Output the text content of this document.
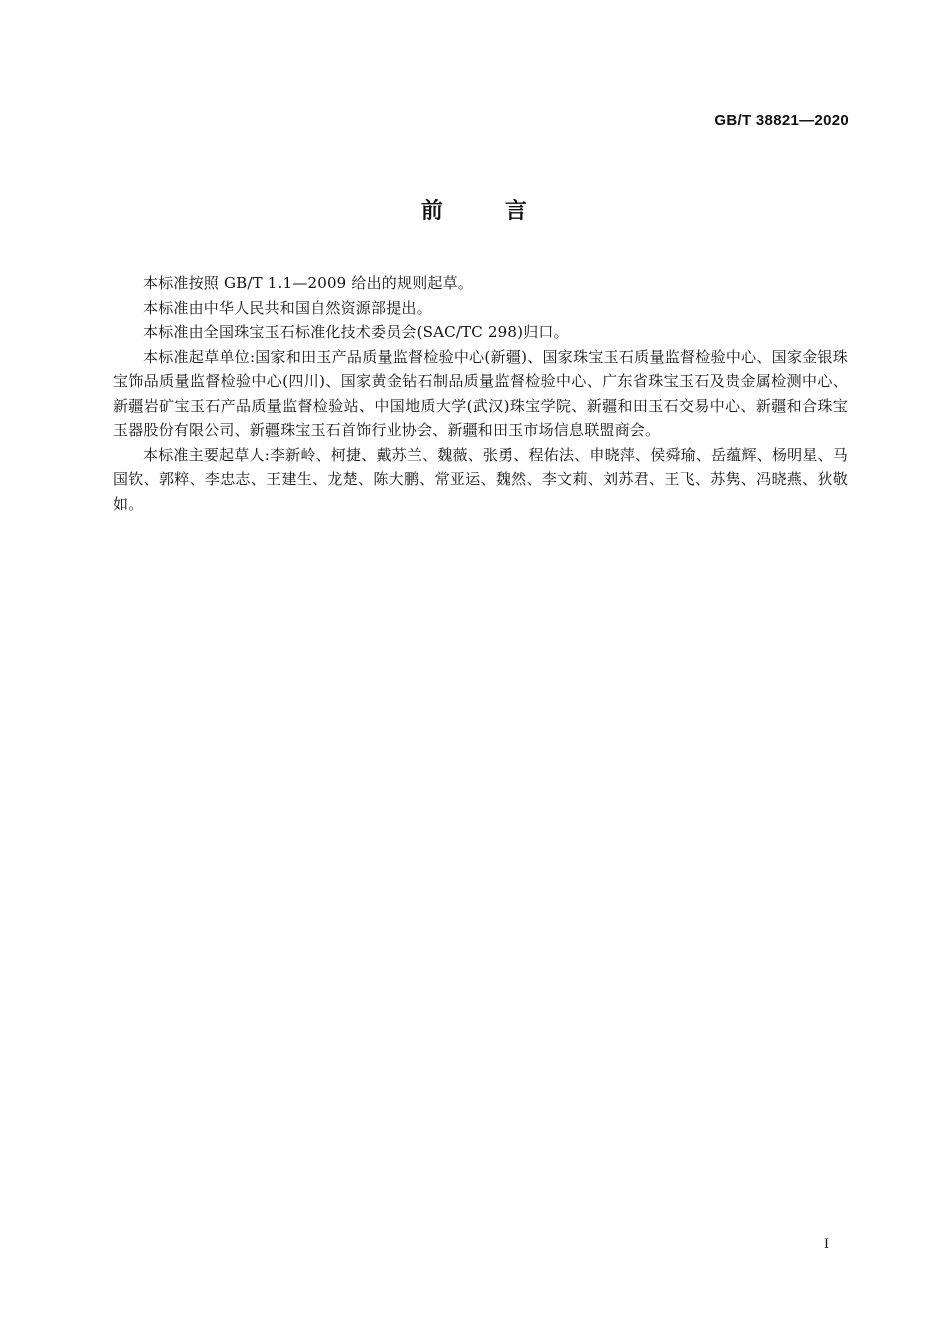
GB/T 38821—2020
前 言

本标准按照 GB/T 1.1—2009 给出的规则起草。

本标准由中华人民共和国自然资源部提出。

本标准由全国珠宝玉石标准化技术委员会(SAC/TC 298)归口。

本标准起草单位:国家和田玉产品质量监督检验中心(新疆)、国家珠宝玉石质量监督检验中心、国家金银珠宝饰品质量监督检验中心(四川)、国家黄金钻石制品质量监督检验中心、广东省珠宝玉石及贵金属检测中心、新疆岩矿宝玉石产品质量监督检验站、中国地质大学(武汉)珠宝学院、新疆和田玉石交易中心、新疆和合珠宝玉器股份有限公司、新疆珠宝玉石首饰行业协会、新疆和田玉市场信息联盟商会。

本标准主要起草人:李新岭、柯捷、戴苏兰、魏薇、张勇、程佑法、申晓萍、侯舜瑜、岳蕴辉、杨明星、马国钦、郭粹、李忠志、王建生、龙楚、陈大鹏、常亚运、魏然、李文莉、刘苏君、王飞、苏隽、冯晓燕、狄敬如。

I
